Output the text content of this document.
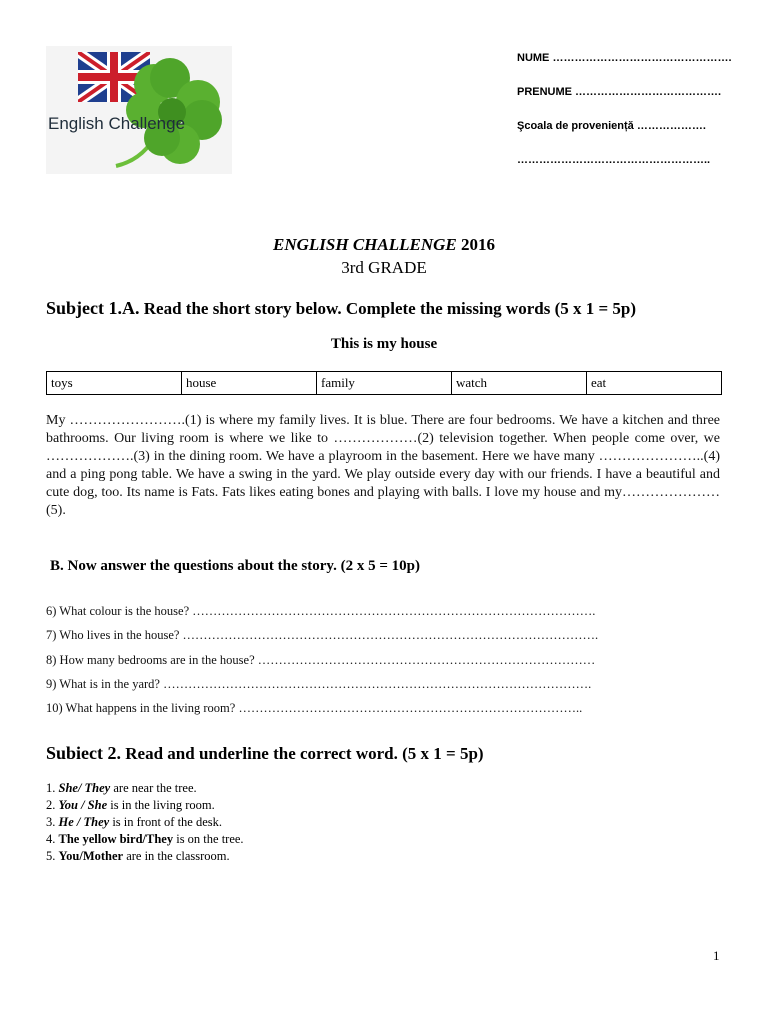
English Challenge
NUME ………………………………………….
PRENUME ………………………………….
Şcoala de proveniență ……………….
……………………………………………..
ENGLISH CHALLENGE 2016
3rd GRADE
Subject 1.A. Read the short story below. Complete the missing words (5 x 1 = 5p)
This is my house
toys	house	family	watch	eat
My …………………….(1) is where my family lives. It is blue. There are four bedrooms. We have a kitchen and three bathrooms. Our living room is where we like to ………………(2) television together. When people come over, we ……………….(3) in the dining room. We have a playroom in the basement. Here we have many …………………..(4) and a ping pong table. We have a swing in the yard. We play outside every day with our friends. I have a beautiful and cute dog, too. Its name is Fats. Fats likes eating bones and playing with balls. I love my house and my…………………(5).
B. Now answer the questions about the story. (2 x 5 = 10p)
6) What colour is the house? …………………………………………………………………………………….
7) Who lives in the house? ……………………………………………………………………………………….
8) How many bedrooms are in the house? ………………………………………………………………………
9) What is in the yard? ………………………………………………………………………………………….
10) What happens in the living room? ………………………………………………………………………..
Subiect 2. Read and underline the correct word. (5 x 1 = 5p)
1. She/ They are near the tree.
2. You / She is in the living room.
3. He / They is in front of the desk.
4. The yellow bird/They is on the tree.
5. You/Mother are in the classroom.
1
